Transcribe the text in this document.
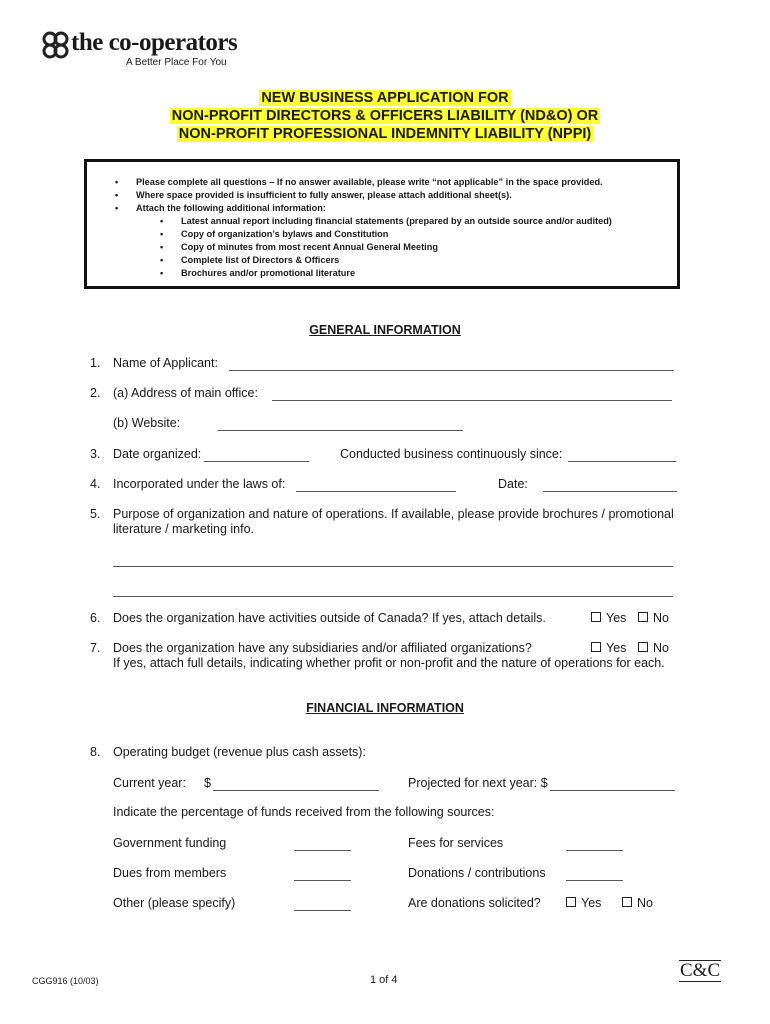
the co-operators
A Better Place For You
NEW BUSINESS APPLICATION FOR
NON-PROFIT DIRECTORS & OFFICERS LIABILITY (ND&O) OR
NON-PROFIT PROFESSIONAL INDEMNITY LIABILITY (NPPI)
• Please complete all questions – If no answer available, please write “not applicable” in the space provided.
• Where space provided is insufficient to fully answer, please attach additional sheet(s).
• Attach the following additional information:
• Latest annual report including financial statements (prepared by an outside source and/or audited)
• Copy of organization’s bylaws and Constitution
• Copy of minutes from most recent Annual General Meeting
• Complete list of Directors & Officers
• Brochures and/or promotional literature
GENERAL INFORMATION
1. Name of Applicant:
2. (a) Address of main office:
(b) Website:
3. Date organized:	Conducted business continuously since:
4. Incorporated under the laws of:	Date:
5. Purpose of organization and nature of operations. If available, please provide brochures / promotional
literature / marketing info.
6. Does the organization have activities outside of Canada? If yes, attach details.	Yes	No
7. Does the organization have any subsidiaries and/or affiliated organizations?	Yes	No
If yes, attach full details, indicating whether profit or non-profit and the nature of operations for each.
FINANCIAL INFORMATION
8. Operating budget (revenue plus cash assets):
Current year: $	Projected for next year: $
Indicate the percentage of funds received from the following sources:
Government funding	Fees for services
Dues from members	Donations / contributions
Other (please specify)	Are donations solicited?	Yes	No
CGG916 (10/03)	1 of 4	C&C
